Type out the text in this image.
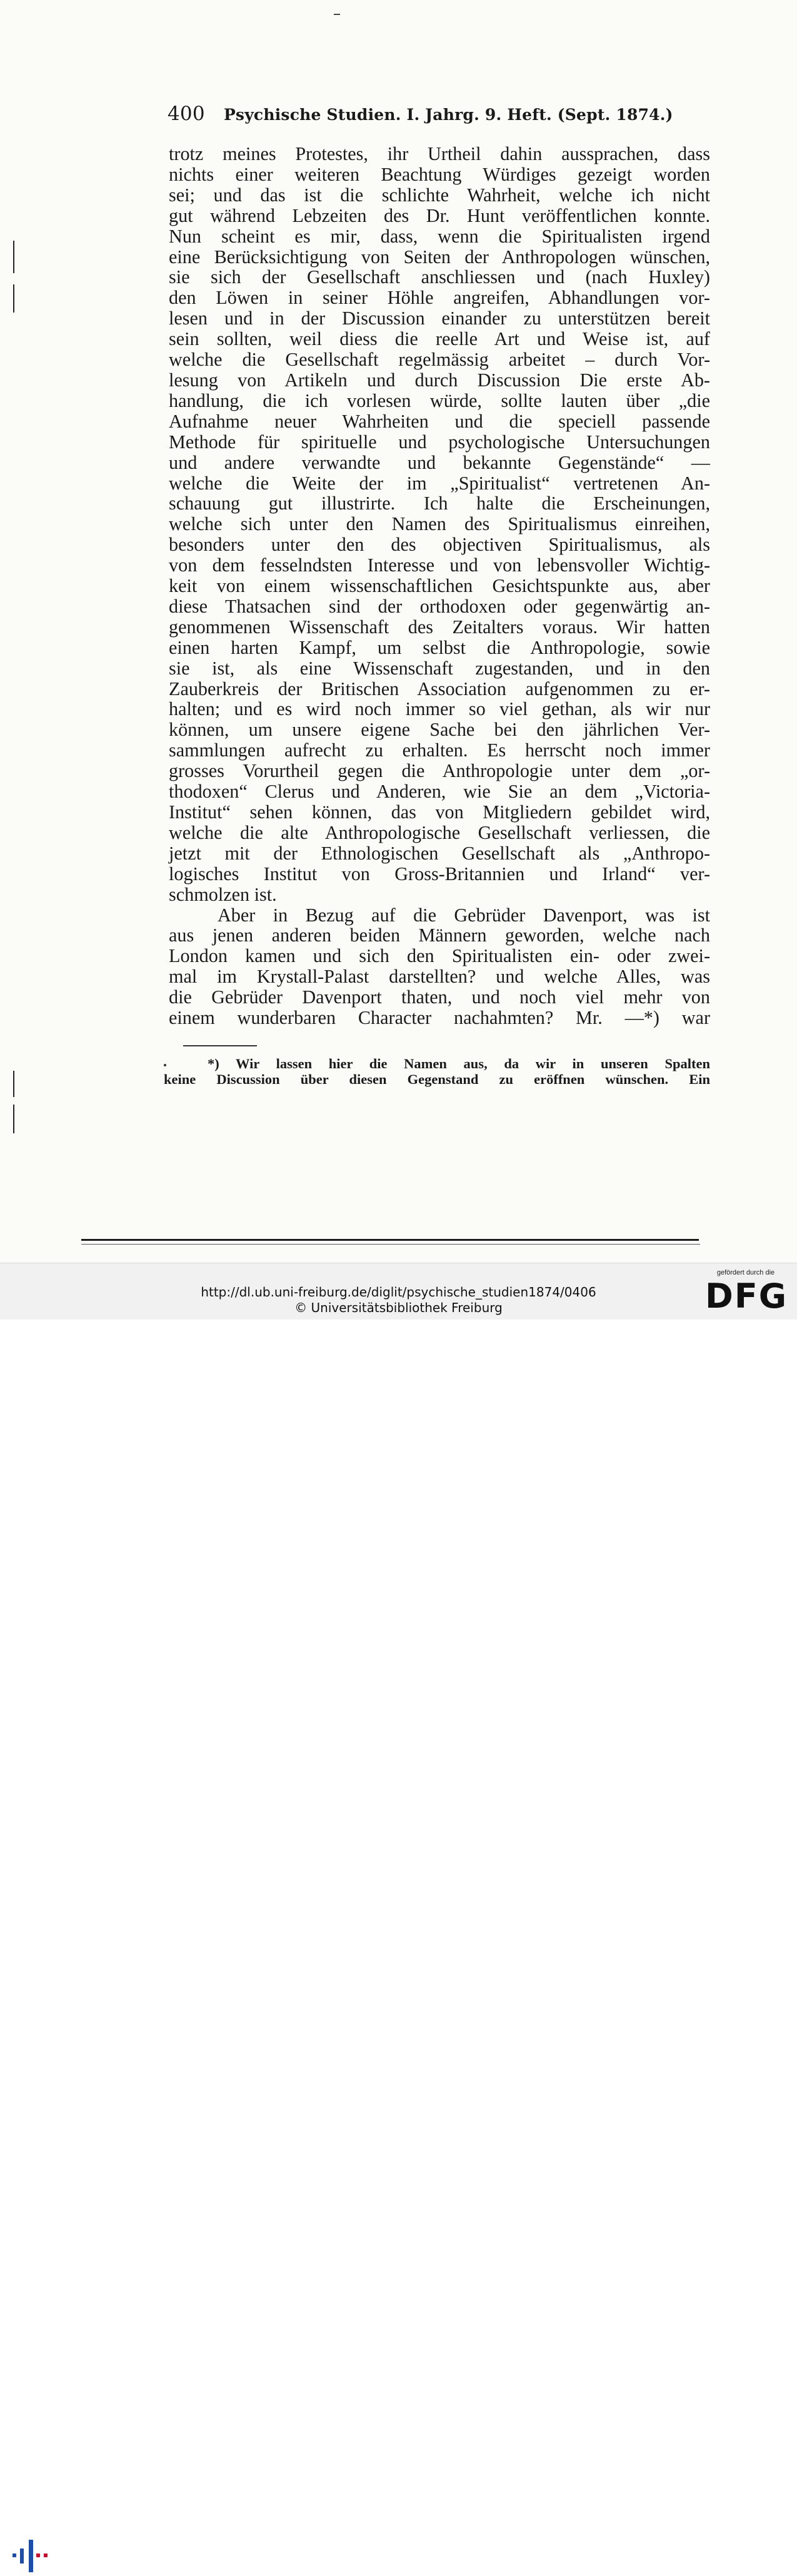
400 Psychische Studien. I. Jahrg. 9. Heft. (Sept. 1874.)
trotz meines Protestes, ihr Urtheil dahin aussprachen, dass
nichts einer weiteren Beachtung Würdiges gezeigt worden
sei; und das ist die schlichte Wahrheit, welche ich nicht
gut während Lebzeiten des Dr. Hunt veröffentlichen konnte.
Nun scheint es mir, dass, wenn die Spiritualisten irgend
eine Berücksichtigung von Seiten der Anthropologen wünschen,
sie sich der Gesellschaft anschliessen und (nach Huxley)
den Löwen in seiner Höhle angreifen, Abhandlungen vor-
lesen und in der Discussion einander zu unterstützen bereit
sein sollten, weil diess die reelle Art und Weise ist, auf
welche die Gesellschaft regelmässig arbeitet – durch Vor-
lesung von Artikeln und durch Discussion Die erste Ab-
handlung, die ich vorlesen würde, sollte lauten über „die
Aufnahme neuer Wahrheiten und die speciell passende
Methode für spirituelle und psychologische Untersuchungen
und andere verwandte und bekannte Gegenstände“ —
welche die Weite der im „Spiritualist“ vertretenen An-
schauung gut illustrirte. Ich halte die Erscheinungen,
welche sich unter den Namen des Spiritualismus einreihen,
besonders unter den des objectiven Spiritualismus, als
von dem fesselndsten Interesse und von lebensvoller Wichtig-
keit von einem wissenschaftlichen Gesichtspunkte aus, aber
diese Thatsachen sind der orthodoxen oder gegenwärtig an-
genommenen Wissenschaft des Zeitalters voraus. Wir hatten
einen harten Kampf, um selbst die Anthropologie, sowie
sie ist, als eine Wissenschaft zugestanden, und in den
Zauberkreis der Britischen Association aufgenommen zu er-
halten; und es wird noch immer so viel gethan, als wir nur
können, um unsere eigene Sache bei den jährlichen Ver-
sammlungen aufrecht zu erhalten. Es herrscht noch immer
grosses Vorurtheil gegen die Anthropologie unter dem „or-
thodoxen“ Clerus und Anderen, wie Sie an dem „Victoria-
Institut“ sehen können, das von Mitgliedern gebildet wird,
welche die alte Anthropologische Gesellschaft verliessen, die
jetzt mit der Ethnologischen Gesellschaft als „Anthropo-
logisches Institut von Gross-Britannien und Irland“ ver-
schmolzen ist.
Aber in Bezug auf die Gebrüder Davenport, was ist
aus jenen anderen beiden Männern geworden, welche nach
London kamen und sich den Spiritualisten ein- oder zwei-
mal im Krystall-Palast darstellten? und welche Alles, was
die Gebrüder Davenport thaten, und noch viel mehr von
einem wunderbaren Character nachahmten? Mr. —*) war
*) Wir lassen hier die Namen aus, da wir in unseren Spalten
keine Discussion über diesen Gegenstand zu eröffnen wünschen. Ein
http://dl.ub.uni-freiburg.de/diglit/psychische_studien1874/0406
© Universitätsbibliothek Freiburg
gefördert durch die
DFG
